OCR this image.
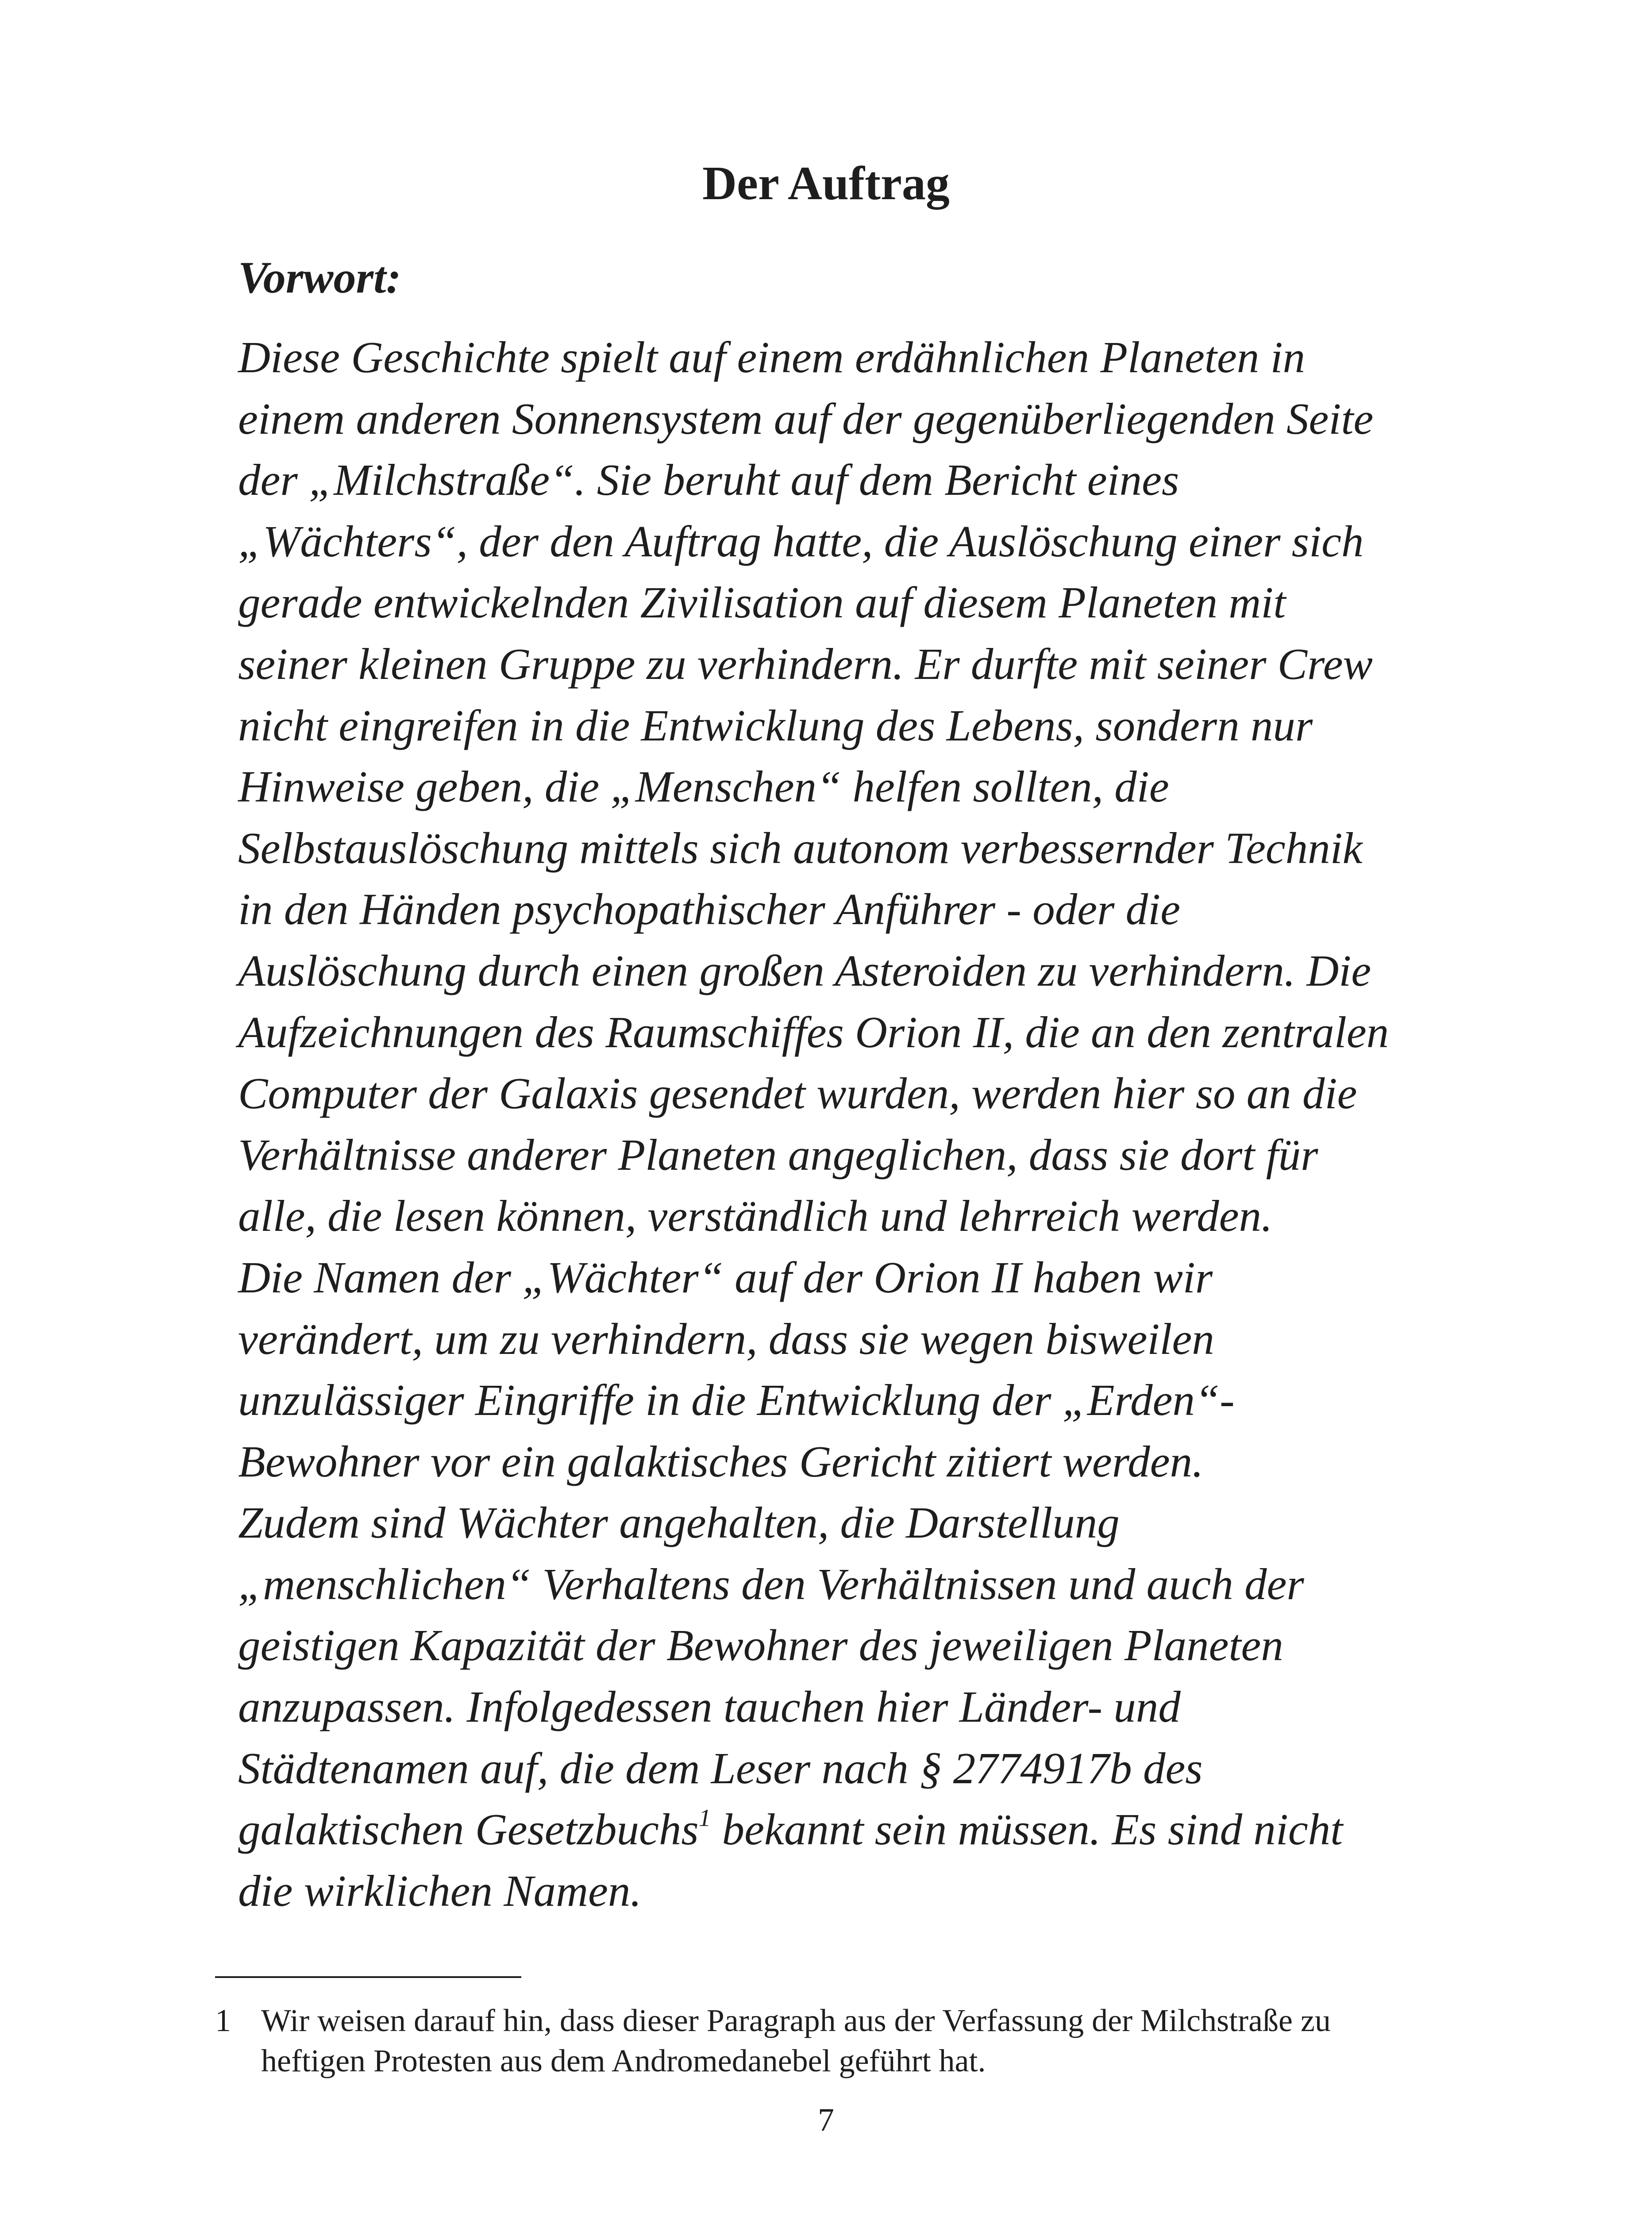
Der Auftrag
Vorwort:
Diese Geschichte spielt auf einem erdähnlichen Planeten in
einem anderen Sonnensystem auf der gegenüberliegenden Seite
der „Milchstraße“. Sie beruht auf dem Bericht eines
„Wächters“, der den Auftrag hatte, die Auslöschung einer sich
gerade entwickelnden Zivilisation auf diesem Planeten mit
seiner kleinen Gruppe zu verhindern. Er durfte mit seiner Crew
nicht eingreifen in die Entwicklung des Lebens, sondern nur
Hinweise geben, die „Menschen“ helfen sollten, die
Selbstauslöschung mittels sich autonom verbessernder Technik
in den Händen psychopathischer Anführer - oder die
Auslöschung durch einen großen Asteroiden zu verhindern. Die
Aufzeichnungen des Raumschiffes Orion II, die an den zentralen
Computer der Galaxis gesendet wurden, werden hier so an die
Verhältnisse anderer Planeten angeglichen, dass sie dort für
alle, die lesen können, verständlich und lehrreich werden.
Die Namen der „Wächter“ auf der Orion II haben wir
verändert, um zu verhindern, dass sie wegen bisweilen
unzulässiger Eingriffe in die Entwicklung der „Erden“-
Bewohner vor ein galaktisches Gericht zitiert werden.
Zudem sind Wächter angehalten, die Darstellung
„menschlichen“ Verhaltens den Verhältnissen und auch der
geistigen Kapazität der Bewohner des jeweiligen Planeten
anzupassen. Infolgedessen tauchen hier Länder- und
Städtenamen auf, die dem Leser nach § 2774917b des
galaktischen Gesetzbuchs$^1$ bekannt sein müssen. Es sind nicht
die wirklichen Namen.
1 Wir weisen darauf hin, dass dieser Paragraph aus der Verfassung der Milchstraße zu
heftigen Protesten aus dem Andromedanebel geführt hat.
7
